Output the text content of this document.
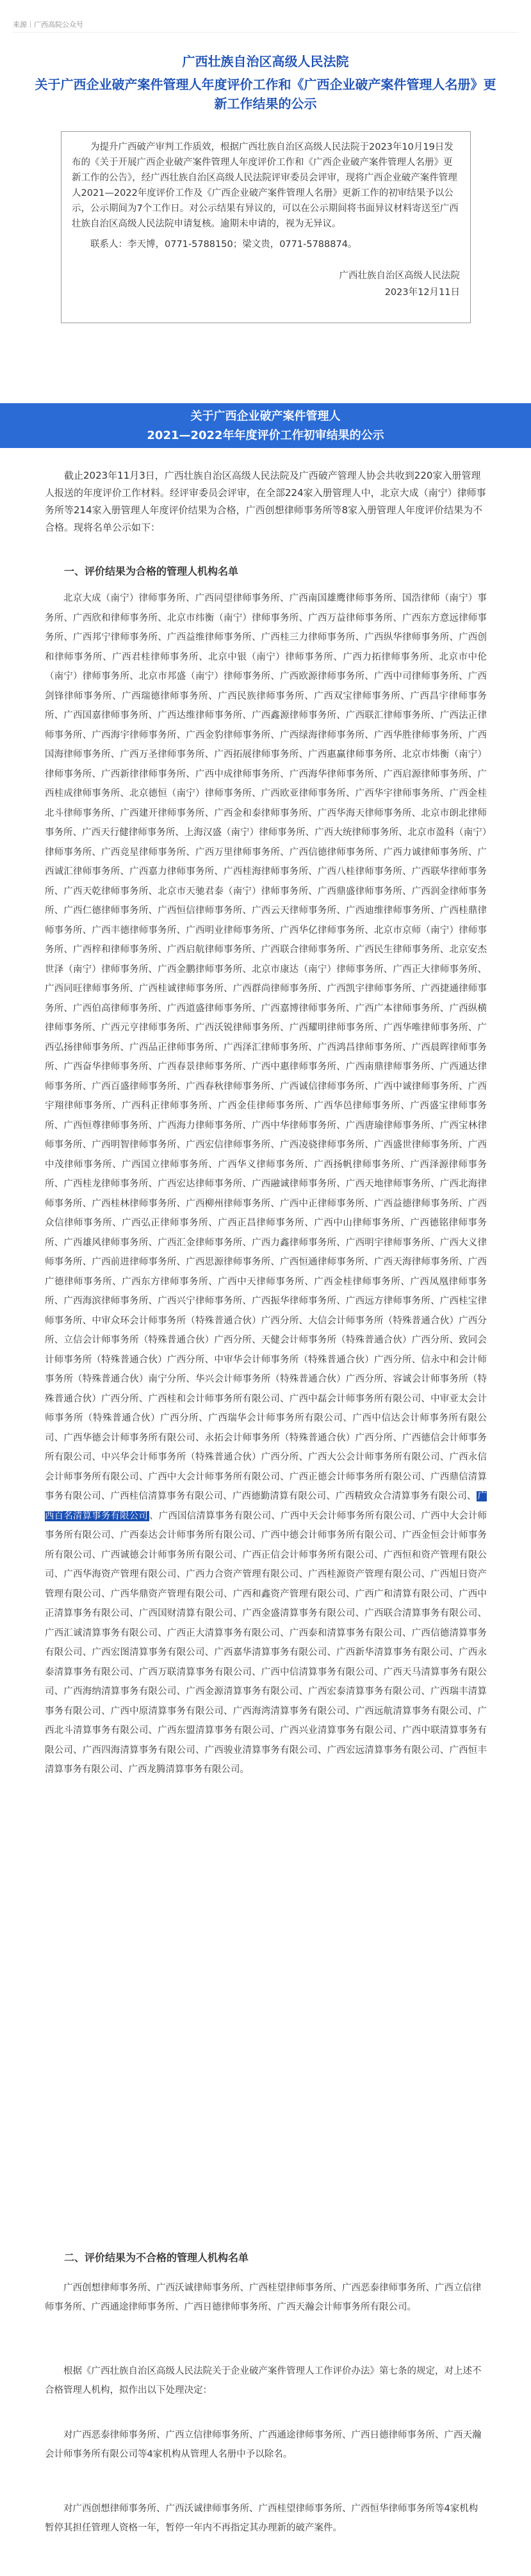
来源｜广西高院公众号
广西壮族自治区高级人民法院
关于广西企业破产案件管理人年度评价工作和《广西企业破产案件管理人名册》更新工作结果的公示

为提升广西破产审判工作质效，根据广西壮族自治区高级人民法院于2023年10月19日发布的《关于开展广西企业破产案件管理人年度评价工作和《广西企业破产案件管理人名册》更新工作的公告》，经广西壮族自治区高级人民法院评审委员会评审，现将广西企业破产案件管理人2021—2022年度评价工作及《广西企业破产案件管理人名册》更新工作的初审结果予以公示，公示期间为7个工作日。对公示结果有异议的，可以在公示期间将书面异议材料寄送至广西壮族自治区高级人民法院申请复核。逾期未申请的，视为无异议。

联系人：李天博，0771-5788150；梁文贵，0771-5788874。

广西壮族自治区高级人民法院
2023年12月11日
关于广西企业破产案件管理人
2021—2022年年度评价工作初审结果的公示

截止2023年11月3日，广西壮族自治区高级人民法院及广西破产管理人协会共收到220家入册管理人报送的年度评价工作材料。经评审委员会评审，在全部224家入册管理人中，北京大成（南宁）律师事务所等214家入册管理人年度评价结果为合格，广西创想律师事务所等8家入册管理人年度评价结果为不合格。现将名单公示如下：

一、评价结果为合格的管理人机构名单

北京大成（南宁）律师事务所、广西同望律师事务所、广西南国雄鹰律师事务所、国浩律师（南宁）事务所、广西欣和律师事务所、北京市纬衡（南宁）律师事务所、广西万益律师事务所、广西东方意远律师事务所、广西邦宁律师事务所、广西益维律师事务所、广西桂三力律师事务所、广西纵华律师事务所、广西创和律师事务所、广西君桂律师事务所、北京中银（南宁）律师事务所、广西力拓律师事务所、北京市中伦（南宁）律师事务所、北京市邦盛（南宁）律师事务所、广西欧源律师事务所、广西中司律师事务所、广西剑锋律师事务所、广西瑞德律师事务所、广西民族律师事务所、广西双宝律师事务所、广西昌宇律师事务所、广西国嘉律师事务所、广西达维律师事务所、广西鑫源律师事务所、广西联汇律师事务所、广西法正律师事务所、广西海宇律师事务所、广西金豹律师事务所、广西绿海律师事务所、广西华胜律师事务所、广西国海律师事务所、广西万圣律师事务所、广西拓展律师事务所、广西惠赢律师事务所、北京市炜衡（南宁）律师事务所、广西新律律师事务所、广西中成律师事务所、广西海华律师事务所、广西启源律师事务所、广西桂成律师事务所、北京德恒（南宁）律师事务所、广西欧亚律师事务所、广西华宇律师事务所、广西金桂北斗律师事务所、广西建开律师事务所、广西金和泰律师事务所、广西华海天律师事务所、北京市朗北律师事务所、广西天行健律师事务所、上海汉盛（南宁）律师事务所、广西大统律师事务所、北京市盈科（南宁）律师事务所、广西竞星律师事务所、广西万里律师事务所、广西信德律师事务所、广西力诚律师事务所、广西诚汇律师事务所、广西嘉力律师事务所、广西桂海律师事务所、广西八桂律师事务所、广西联华律师事务所、广西天乾律师事务所、北京市天驰君泰（南宁）律师事务所、广西鼎盛律师事务所、广西润金律师事务所、广西仁德律师事务所、广西恒信律师事务所、广西云天律师事务所、广西迪维律师事务所、广西桂鼎律师事务所、广西丰德律师事务所、广西明业律师事务所、广西华亿律师事务所、北京市京师（南宁）律师事务所、广西梓和律师事务所、广西启航律师事务所、广西联合律师事务所、广西民生律师事务所、北京安杰世泽（南宁）律师事务所、广西金鹏律师事务所、北京市康达（南宁）律师事务所、广西正大律师事务所、广西同旺律师事务所、广西桂诚律师事务所、广西群尚律师事务所、广西凯宇律师事务所、广西捷通律师事务所、广西伯高律师事务所、广西道盛律师事务所、广西嘉博律师事务所、广西广本律师事务所、广西纵横律师事务所、广西元亨律师事务所、广西沃锐律师事务所、广西耀明律师事务所、广西华唯律师事务所、广西弘扬律师事务所、广西品正律师事务所、广西泽汇律师事务所、广西鸿昌律师事务所、广西晨晖律师事务所、广西奋华律师事务所、广西春景律师事务所、广西中惠律师事务所、广西南鼎律师事务所、广西通达律师事务所、广西百盛律师事务所、广西春秋律师事务所、广西诚信律师事务所、广西中诚律师事务所、广西宇翔律师事务所、广西科正律师事务所、广西金佳律师事务所、广西华邑律师事务所、广西盛宝律师事务所、广西恒尊律师事务所、广西海力律师事务所、广西中华律师事务所、广西唐瑜律师事务所、广西宝林律师事务所、广西明智律师事务所、广西宏信律师事务所、广西凌骁律师事务所、广西盛世律师事务所、广西中茂律师事务所、广西国立律师事务所、广西华义律师事务所、广西扬帆律师事务所、广西泽源律师事务所、广西桂龙律师事务所、广西宏达律师事务所、广西融诚律师事务所、广西天地律师事务所、广西北海律师事务所、广西桂林律师事务所、广西柳州律师事务所、广西中正律师事务所、广西益德律师事务所、广西众信律师事务所、广西弘正律师事务所、广西正昌律师事务所、广西中山律师事务所、广西德铭律师事务所、广西雄风律师事务所、广西汇金律师事务所、广西力鑫律师事务所、广西明宇律师事务所、广西大义律师事务所、广西前进律师事务所、广西思源律师事务所、广西恒通律师事务所、广西天海律师事务所、广西广德律师事务所、广西东方律师事务所、广西中天律师事务所、广西金桂律师事务所、广西凤凰律师事务所、广西海滨律师事务所、广西兴宁律师事务所、广西振华律师事务所、广西远方律师事务所、广西桂宝律师事务所、中审众环会计师事务所（特殊普通合伙）广西分所、大信会计师事务所（特殊普通合伙）广西分所、立信会计师事务所（特殊普通合伙）广西分所、天健会计师事务所（特殊普通合伙）广西分所、致同会计师事务所（特殊普通合伙）广西分所、中审华会计师事务所（特殊普通合伙）广西分所、信永中和会计师事务所（特殊普通合伙）南宁分所、华兴会计师事务所（特殊普通合伙）广西分所、容诚会计师事务所（特殊普通合伙）广西分所、广西桂和会计师事务所有限公司、广西中磊会计师事务所有限公司、中审亚太会计师事务所（特殊普通合伙）广西分所、广西瑞华会计师事务所有限公司、广西中信达会计师事务所有限公司、广西华德会计师事务所有限公司、永拓会计师事务所（特殊普通合伙）广西分所、广西德信会计师事务所有限公司、中兴华会计师事务所（特殊普通合伙）广西分所、广西大公会计师事务所有限公司、广西永信会计师事务所有限公司、广西中大会计师事务所有限公司、广西正德会计师事务所有限公司、广西鼎信清算事务有限公司、广西桂信清算事务有限公司、广西德勤清算有限公司、广西精致众合清算事务有限公司、 广西百名清算事务有限公司 、广西国信清算事务有限公司、广西中天会计师事务所有限公司、广西中大会计师事务所有限公司、广西泰达会计师事务所有限公司、广西中德会计师事务所有限公司、广西金恒会计师事务所有限公司、广西诚德会计师事务所有限公司、广西正信会计师事务所有限公司、广西恒和资产管理有限公司、广西华海资产管理有限公司、广西力合资产管理有限公司、广西桂源资产管理有限公司、广西旭日资产管理有限公司、广西华鼎资产管理有限公司、广西和鑫资产管理有限公司、广西广和清算有限公司、广西中正清算事务有限公司、广西国财清算有限公司、广西金盛清算事务有限公司、广西联合清算事务有限公司、广西汇诚清算事务有限公司、广西正大清算事务有限公司、广西泰和清算事务有限公司、广西信德清算事务有限公司、广西宏图清算事务有限公司、广西嘉华清算事务有限公司、广西新华清算事务有限公司、广西永泰清算事务有限公司、广西万联清算事务有限公司、广西中信清算事务有限公司、广西天马清算事务有限公司、广西海纳清算事务有限公司、广西金源清算事务有限公司、广西宏泰清算事务有限公司、广西瑞丰清算事务有限公司、广西中原清算事务有限公司、广西海湾清算事务有限公司、广西远航清算事务有限公司、广西北斗清算事务有限公司、广西东盟清算事务有限公司、广西兴业清算事务有限公司、广西中联清算事务有限公司、广西四海清算事务有限公司、广西骏业清算事务有限公司、广西宏远清算事务有限公司、广西恒丰清算事务有限公司、广西龙腾清算事务有限公司。

二、评价结果为不合格的管理人机构名单

广西创想律师事务所、广西沃诚律师事务所、广西桂望律师事务所、广西恶泰律师事务所、广西立信律师事务所、广西通途律师事务所、广西日德律师事务所、广西天瀚会计师事务所有限公司。

根据《广西壮族自治区高级人民法院关于企业破产案件管理人工作评价办法》第七条的规定，对上述不合格管理人机构，拟作出以下处理决定：

对广西恶泰律师事务所、广西立信律师事务所、广西通途律师事务所、广西日德律师事务所、广西天瀚会计师事务所有限公司等4家机构从管理人名册中予以除名。

对广西创想律师事务所、广西沃诚律师事务所、广西桂望律师事务所、广西恒华律师事务所等4家机构暂停其担任管理人资格一年，暂停一年内不再指定其办理新的破产案件。
